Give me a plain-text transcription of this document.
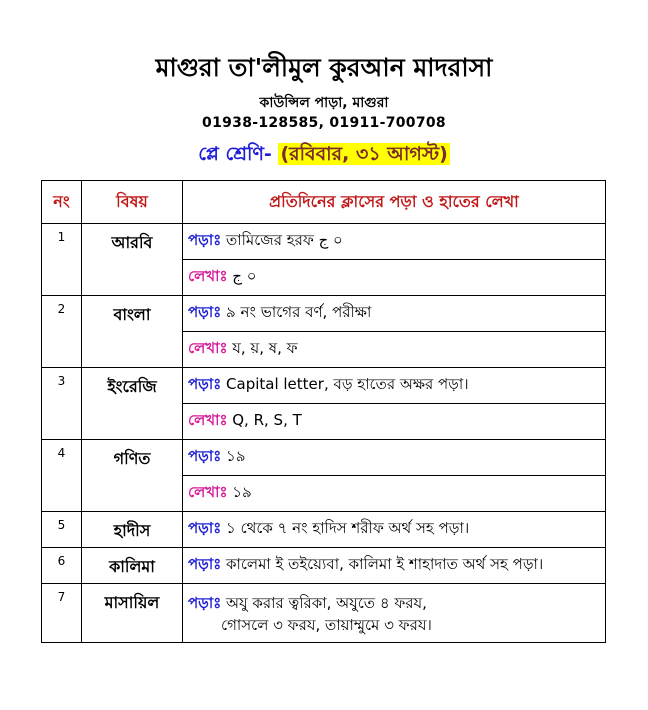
মাগুরা তা'লীমুল কুরআন মাদরাসা
কাউন্সিল পাড়া, মাগুরা
01938-128585, 01911-700708
প্লে শ্রেণি- (রবিবার, ৩১ আগস্ট)
নং	বিষয়	প্রতিদিনের ক্লাসের পড়া ও হাতের লেখা
1	আরবি	পড়াঃ তামিজের হরফ ج ০
		লেখাঃ ج ০
2	বাংলা	পড়াঃ ৯ নং ভাগের বর্ণ, পরীক্ষা
		লেখাঃ য, য়, ষ, ফ
3	ইংরেজি	পড়াঃ Capital letter, বড় হাতের অক্ষর পড়া।
		লেখাঃ Q, R, S, T
4	গণিত	পড়াঃ ১৯
		লেখাঃ ১৯
5	হাদীস	পড়াঃ ১ থেকে ৭ নং হাদিস শরীফ অর্থ সহ পড়া।
6	কালিমা	পড়াঃ কালেমা ই তইয়্যেবা, কালিমা ই শাহাদাত অর্থ সহ পড়া।
7	মাসায়িল	পড়াঃ অযু করার ত্বরিকা, অযুতে ৪ ফরয,
গোসলে ৩ ফরয, তায়াম্মুমে ৩ ফরয।
